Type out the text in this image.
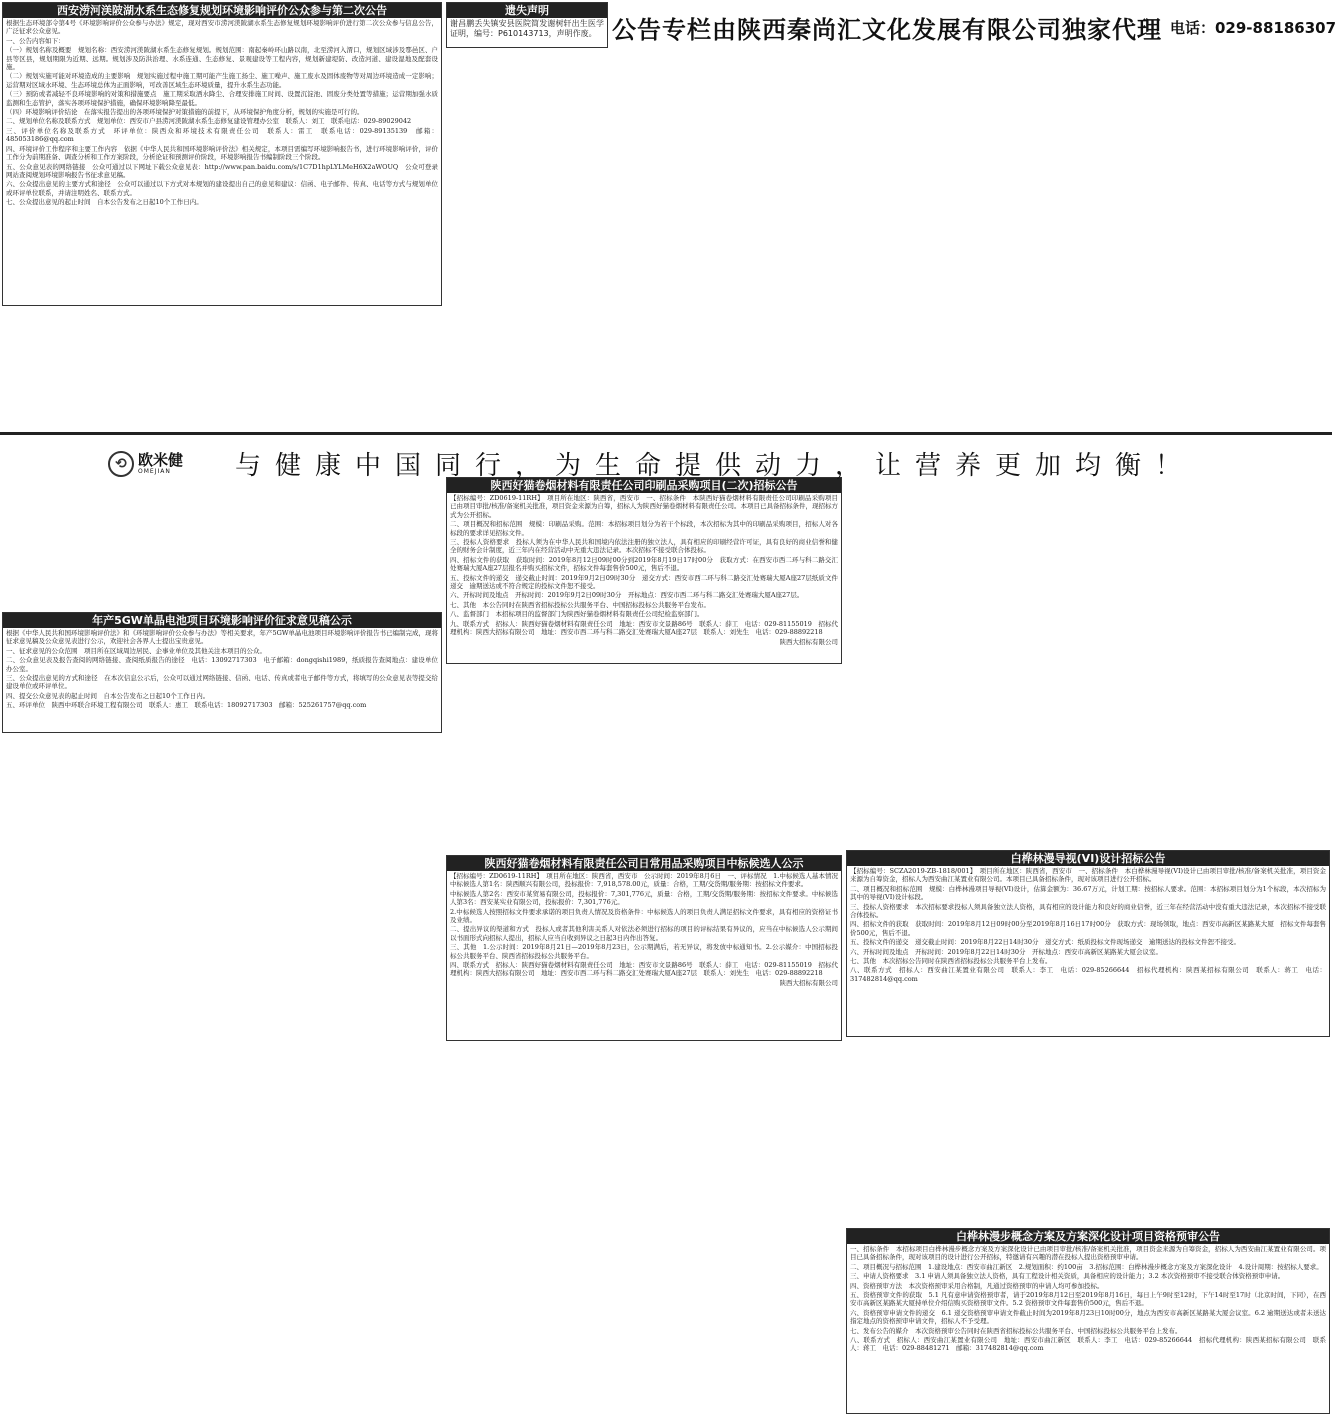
西安涝河渼陂湖水系生态修复规划环境影响评价公众参与第二次公告

根据生态环境部令第4号《环境影响评价公众参与办法》规定，现对西安市涝河渼陂湖水系生态修复规划环境影响评价进行第二次公众参与信息公告，广泛征求公众意见。

一、公告内容如下：

（一）规划名称及概要　规划名称：西安涝河渼陂湖水系生态修复规划。规划范围：南起秦岭环山路以南，北至涝河入渭口，规划区域涉及鄠邑区、户县等区县，规划期限为近期、远期。规划涉及防洪治理、水系连通、生态修复、景观建设等工程内容，规划新建堤防、改造河道、建设湿地及配套设施。

（二）规划实施可能对环境造成的主要影响　规划实施过程中施工期可能产生施工扬尘、施工噪声、施工废水及固体废物等对周边环境造成一定影响；运营期对区域水环境、生态环境总体为正面影响，可改善区域生态环境质量，提升水系生态功能。

（三）预防或者减轻不良环境影响的对策和措施要点　施工期采取洒水降尘、合理安排施工时间、设置沉淀池、固废分类处置等措施；运营期加强水质监测和生态管护，落实各项环境保护措施，确保环境影响降至最低。

（四）环境影响评价结论　在落实报告提出的各项环境保护对策措施的前提下，从环境保护角度分析，规划的实施是可行的。

二、规划单位名称及联系方式　规划单位：西安市户县涝河渼陂湖水系生态修复建设管理办公室　联系人：刘工　联系电话：029-89029042

三、评价单位名称及联系方式　环评单位：陕西众和环境技术有限责任公司　联系人：雷工　联系电话：029-89135139　邮箱：485053186@qq.com

四、环境评价工作程序和主要工作内容　依据《中华人民共和国环境影响评价法》相关规定，本项目需编写环境影响报告书，进行环境影响评价，评价工作分为前期准备、调查分析和工作方案阶段，分析论证和预测评价阶段，环境影响报告书编制阶段三个阶段。

五、公众意见表的网络链接　公众可通过以下网址下载公众意见表：http://www.pan.baidu.com/s/1C7D1hpLYLMeH6X2aWOUQ　公众可登录网站查阅规划环境影响报告书征求意见稿。

六、公众提出意见的主要方式和途径　公众可以通过以下方式对本规划的建设提出自己的意见和建议：信函、电子邮件、传真、电话等方式与规划单位或环评单位联系，并请注明姓名、联系方式。

七、公众提出意见的起止时间　自本公告发布之日起10个工作日内。

年产5GW单晶电池项目环境影响评价征求意见稿公示

根据《中华人民共和国环境影响评价法》和《环境影响评价公众参与办法》等相关要求，年产5GW单晶电池项目环境影响评价报告书已编制完成，现将征求意见稿及公众意见表进行公示，欢迎社会各界人士提出宝贵意见。

一、征求意见的公众范围　项目所在区域周边居民、企事业单位及其他关注本项目的公众。

二、公众意见表及报告查阅的网络链接、查阅纸质报告的途径　电话：13092717303　电子邮箱：dongqishi1989，纸质报告查阅地点：建设单位办公室。

三、公众提出意见的方式和途径　在本次信息公示后，公众可以通过网络链接、信函、电话、传真或者电子邮件等方式，将填写的公众意见表等提交给建设单位或环评单位。

四、提交公众意见表的起止时间　自本公告发布之日起10个工作日内。

五、环评单位　陕西中环联合环境工程有限公司　联系人：惠工　联系电话：18092717303　邮箱：525261757@qq.com

遗失声明
谢昌鹏丢失镇安县医院简发谢树轩出生医学证明，编号：P610143713，声明作废。 公告专栏由陕西秦尚汇文化发展有限公司独家代理 电话：029-88186307
陕西好猫卷烟材料有限责任公司印刷品采购项目(二次)招标公告

【招标编号：ZD0619-11RH】　项目所在地区：陕西省，西安市　一、招标条件　本陕西好猫卷烟材料有限责任公司印刷品采购项目已由项目审批/核准/备案机关批准，项目资金来源为自筹，招标人为陕西好猫卷烟材料有限责任公司。本项目已具备招标条件，现招标方式为公开招标。

二、项目概况和招标范围　规模：印刷品采购。范围：本招标项目划分为若干个标段，本次招标为其中的印刷品采购项目，招标人对各标段的要求详见招标文件。

三、投标人资格要求　投标人须为在中华人民共和国境内依法注册的独立法人，具有相应的印刷经营许可证，具有良好的商业信誉和健全的财务会计制度，近三年内在经营活动中无重大违法记录。本次招标不接受联合体投标。

四、招标文件的获取　获取时间：2019年8月12日09时00分到2019年8月19日17时00分　获取方式：在西安市西二环与科二路交汇处赛瑞大厦A座27层报名并购买招标文件，招标文件每套售价500元，售后不退。

五、投标文件的递交　递交截止时间：2019年9月2日09时30分　递交方式：西安市西二环与科二路交汇处赛瑞大厦A座27层纸质文件递交　逾期送达或不符合规定的投标文件恕不接受。

六、开标时间及地点　开标时间：2019年9月2日09时30分　开标地点：西安市西二环与科二路交汇处赛瑞大厦A座27层。

七、其他　本公告同时在陕西省招标投标公共服务平台、中国招标投标公共服务平台发布。

八、监督部门　本招标项目的监督部门为陕西好猫卷烟材料有限责任公司纪检监察部门。

九、联系方式　招标人：陕西好猫卷烟材料有限责任公司　地址：西安市文景路86号　联系人：薛工　电话：029-81155019　招标代理机构：陕西大招标有限公司　地址：西安市西二环与科二路交汇处赛瑞大厦A座27层　联系人：刘先生　电话：029-88892218

陕西大招标有限公司

陕西好猫卷烟材料有限责任公司日常用品采购项目中标候选人公示

【招标编号：ZD0619-11RH】　项目所在地区：陕西省，西安市　公示时间：2019年8月6日　一、评标情况　1.中标候选人基本情况　中标候选人第1名：陕西顺兴有限公司，投标报价：7,918,578.00元，质量：合格，工期/交货期/服务期：按招标文件要求。

中标候选人第2名：西安市某贸易有限公司，投标报价：7,301,776元，质量：合格，工期/交货期/服务期：按招标文件要求。中标候选人第3名：西安某实业有限公司，投标报价：7,301,776元。

2.中标候选人按照招标文件要求承诺的项目负责人情况及资格条件：中标候选人的项目负责人满足招标文件要求，具有相应的资格证书及业绩。

二、提出异议的渠道和方式　投标人或者其他利害关系人对依法必须进行招标的项目的评标结果有异议的，应当在中标候选人公示期间以书面形式向招标人提出，招标人应当自收到异议之日起3日内作出答复。

三、其他　1.公示时间：2019年8月21日—2019年8月23日，公示期满后，若无异议，将发放中标通知书。2.公示媒介：中国招标投标公共服务平台、陕西省招标投标公共服务平台。

四、联系方式　招标人：陕西好猫卷烟材料有限责任公司　地址：西安市文景路86号　联系人：薛工　电话：029-81155019　招标代理机构：陕西大招标有限公司　地址：西安市西二环与科二路交汇处赛瑞大厦A座27层　联系人：刘先生　电话：029-88892218

陕西大招标有限公司

白桦林漫导视(VI)设计招标公告

【招标编号：SCZA2019-ZB-1818/001】　项目所在地区：陕西省，西安市　一、招标条件　本白桦林漫导视(VI)设计已由项目审批/核准/备案机关批准，项目资金来源为自筹资金，招标人为西安曲江某置业有限公司。本项目已具备招标条件，现对该项目进行公开招标。

二、项目概况和招标范围　规模：白桦林漫项目导视(VI)设计，估算金额为：36.67万元，计划工期：按招标人要求。范围：本招标项目划分为1个标段，本次招标为其中的导视(VI)设计标段。

三、投标人资格要求　本次招标要求投标人须具备独立法人资格，具有相应的设计能力和良好的商业信誉，近三年在经营活动中没有重大违法记录，本次招标不接受联合体投标。

四、招标文件的获取　获取时间：2019年8月12日09时00分至2019年8月16日17时00分　获取方式：现场领取，地点：西安市高新区某路某大厦　招标文件每套售价500元，售后不退。

五、投标文件的递交　递交截止时间：2019年8月22日14时30分　递交方式：纸质投标文件现场递交　逾期送达的投标文件恕不接受。

六、开标时间及地点　开标时间：2019年8月22日14时30分　开标地点：西安市高新区某路某大厦会议室。

七、其他　本次招标公告同时在陕西省招标投标公共服务平台上发布。

八、联系方式　招标人：西安曲江某置业有限公司　联系人：李工　电话：029-85266644　招标代理机构：陕西某招标有限公司　联系人：蒋工　电话：317482814@qq.com

白桦林漫步概念方案及方案深化设计项目资格预审公告

一、招标条件　本招标项目白桦林漫步概念方案及方案深化设计已由项目审批/核准/备案机关批准，项目资金来源为自筹资金，招标人为西安曲江某置业有限公司。项目已具备招标条件，现对该项目的设计进行公开招标，特邀请有兴趣的潜在投标人提出资格预审申请。

二、项目概况与招标范围　1.建设地点：西安市曲江新区　2.规划面积：约100亩　3.招标范围：白桦林漫步概念方案及方案深化设计　4.设计周期：按招标人要求。

三、申请人资格要求　3.1 申请人须具备独立法人资格，具有工程设计相关资质，具备相应的设计能力；3.2 本次资格预审不接受联合体资格预审申请。

四、资格预审方法　本次资格预审采用合格制，凡通过资格预审的申请人均可参加投标。

五、资格预审文件的获取　5.1 凡有意申请资格预审者，请于2019年8月12日至2019年8月16日，每日上午9时至12时，下午14时至17时（北京时间，下同），在西安市高新区某路某大厦持单位介绍信购买资格预审文件。5.2 资格预审文件每套售价500元，售后不退。

六、资格预审申请文件的递交　6.1 递交资格预审申请文件截止时间为2019年8月23日10时00分，地点为西安市高新区某路某大厦会议室。6.2 逾期送达或者未送达指定地点的资格预审申请文件，招标人不予受理。

七、发布公告的媒介　本次资格预审公告同时在陕西省招标投标公共服务平台、中国招标投标公共服务平台上发布。

八、联系方式　招标人：西安曲江某置业有限公司　地址：西安市曲江新区　联系人：李工　电话：029-85266644　招标代理机构：陕西某招标有限公司　联系人：蒋工　电话：029-88481271　邮箱：317482814@qq.com

⟲ 欧米健
OMEJIAN	与健康中国同行，为生命提供动力，让营养更加均衡！
